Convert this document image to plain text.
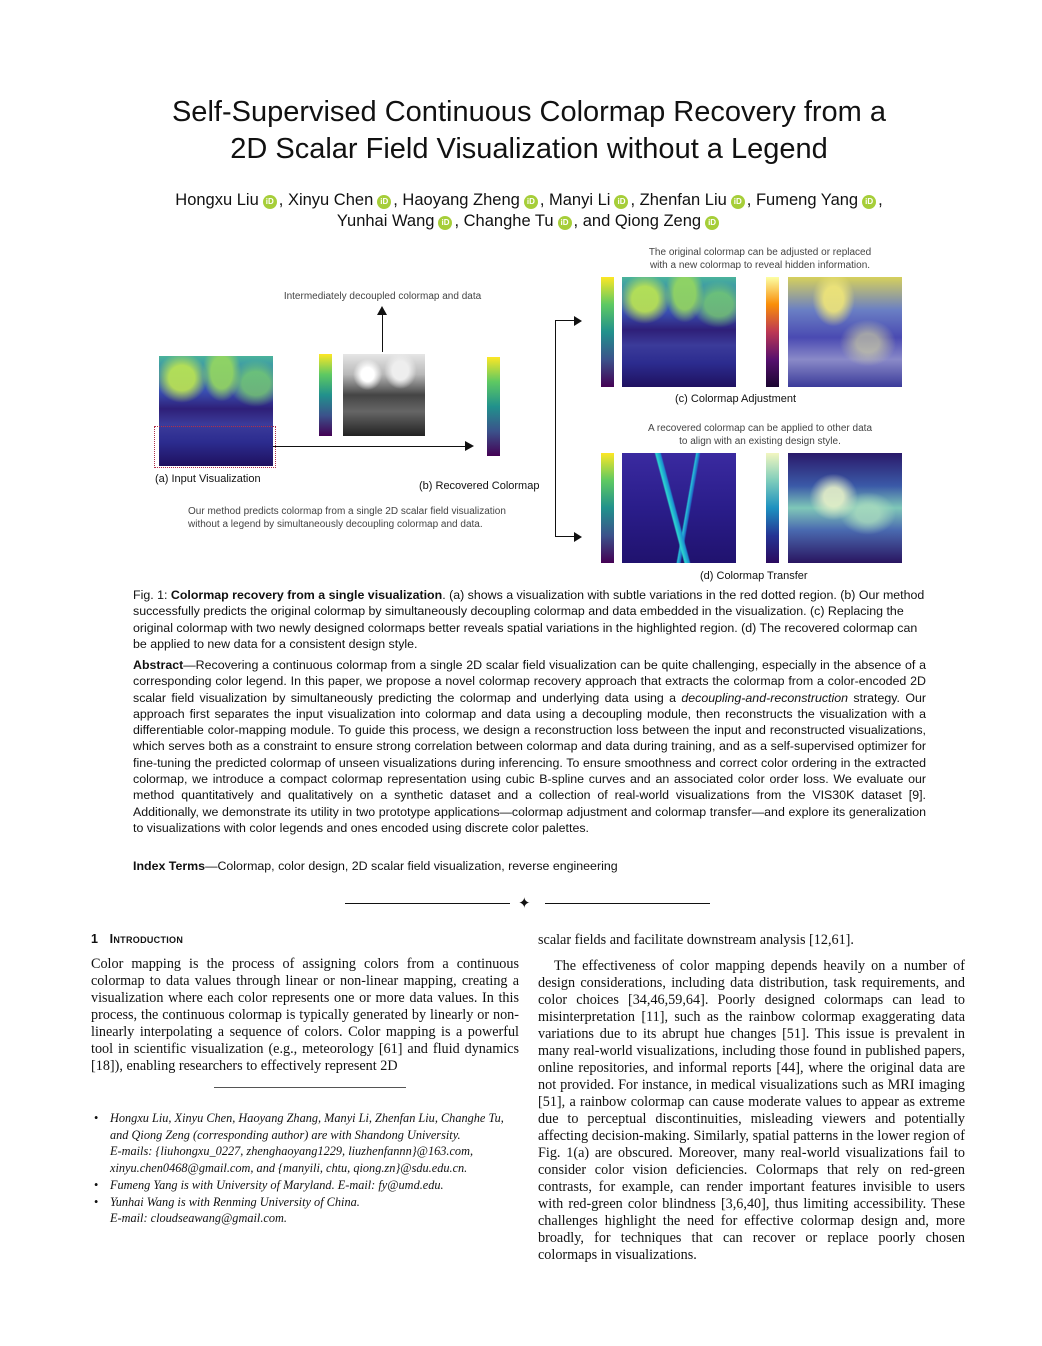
Self-Supervised Continuous Colormap Recovery from a
2D Scalar Field Visualization without a Legend
Hongxu Liu iD , Xinyu Chen iD , Haoyang Zheng iD , Manyi Li iD , Zhenfan Liu iD , Fumeng Yang iD ,
Yunhai Wang iD , Changhe Tu iD , and Qiong Zeng iD
Intermediately decoupled colormap and data
(a) Input Visualization
(b) Recovered Colormap
Our method predicts colormap from a single 2D scalar field visualization
without a legend by simultaneously decoupling colormap and data.
The original colormap can be adjusted or replaced
with a new colormap to reveal hidden information.
(c) Colormap Adjustment
A recovered colormap can be applied to other data
to align with an existing design style.
(d) Colormap Transfer
Fig. 1: Colormap recovery from a single visualization. (a) shows a visualization with subtle variations in the red dotted region. (b) Our method successfully predicts the original colormap by simultaneously decoupling colormap and data embedded in the visualization. (c) Replacing the original colormap with two newly designed colormaps better reveals spatial variations in the highlighted region. (d) The recovered colormap can be applied to new data for a consistent design style.
Abstract—Recovering a continuous colormap from a single 2D scalar field visualization can be quite challenging, especially in the absence of a corresponding color legend. In this paper, we propose a novel colormap recovery approach that extracts the colormap from a color-encoded 2D scalar field visualization by simultaneously predicting the colormap and underlying data using a decoupling-and-reconstruction strategy. Our approach first separates the input visualization into colormap and data using a decoupling module, then reconstructs the visualization with a differentiable color-mapping module. To guide this process, we design a reconstruction loss between the input and reconstructed visualizations, which serves both as a constraint to ensure strong correlation between colormap and data during training, and as a self-supervised optimizer for fine-tuning the predicted colormap of unseen visualizations during inferencing. To ensure smoothness and correct color ordering in the extracted colormap, we introduce a compact colormap representation using cubic B-spline curves and an associated color order loss. We evaluate our method quantitatively and qualitatively on a synthetic dataset and a collection of real-world visualizations from the VIS30K dataset [9]. Additionally, we demonstrate its utility in two prototype applications—colormap adjustment and colormap transfer—and explore its generalization to visualizations with color legends and ones encoded using discrete color palettes.
Index Terms—Colormap, color design, 2D scalar field visualization, reverse engineering
✦
1 Introduction

Color mapping is the process of assigning colors from a continuous colormap to data values through linear or non-linear mapping, creating a visualization where each color represents one or more data values. In this process, the continuous colormap is typically generated by linearly or non-linearly interpolating a sequence of colors. Color mapping is a powerful tool in scientific visualization (e.g., meteorology [61] and fluid dynamics [18]), enabling researchers to effectively represent 2D

• Hongxu Liu, Xinyu Chen, Haoyang Zhang, Manyi Li, Zhenfan Liu, Changhe Tu, and Qiong Zeng (corresponding author) are with Shandong University.
E-mails: {liuhongxu_0227, zhenghaoyang1229, liuzhenfannn}@163.com, xinyu.chen0468@gmail.com, and {manyili, chtu, qiong.zn}@sdu.edu.cn.
• Fumeng Yang is with University of Maryland. E-mail: fy@umd.edu.
• Yunhai Wang is with Renming University of China.
E-mail: cloudseawang@gmail.com.

scalar fields and facilitate downstream analysis [12,61].

The effectiveness of color mapping depends heavily on a number of design considerations, including data distribution, task requirements, and color choices [34,46,59,64]. Poorly designed colormaps can lead to misinterpretation [11], such as the rainbow colormap exaggerating data variations due to its abrupt hue changes [51]. This issue is prevalent in many real-world visualizations, including those found in published papers, online repositories, and informal reports [44], where the original data are not provided. For instance, in medical visualizations such as MRI imaging [51], a rainbow colormap can cause moderate values to appear as extreme due to perceptual discontinuities, misleading viewers and potentially affecting decision-making. Similarly, spatial patterns in the lower region of Fig. 1(a) are obscured. Moreover, many real-world visualizations fail to consider color vision deficiencies. Colormaps that rely on red-green contrasts, for example, can render important features invisible to users with red-green color blindness [3,6,40], thus limiting accessibility. These challenges highlight the need for effective colormap design and, more broadly, for techniques that can recover or replace poorly chosen colormaps in visualizations.
